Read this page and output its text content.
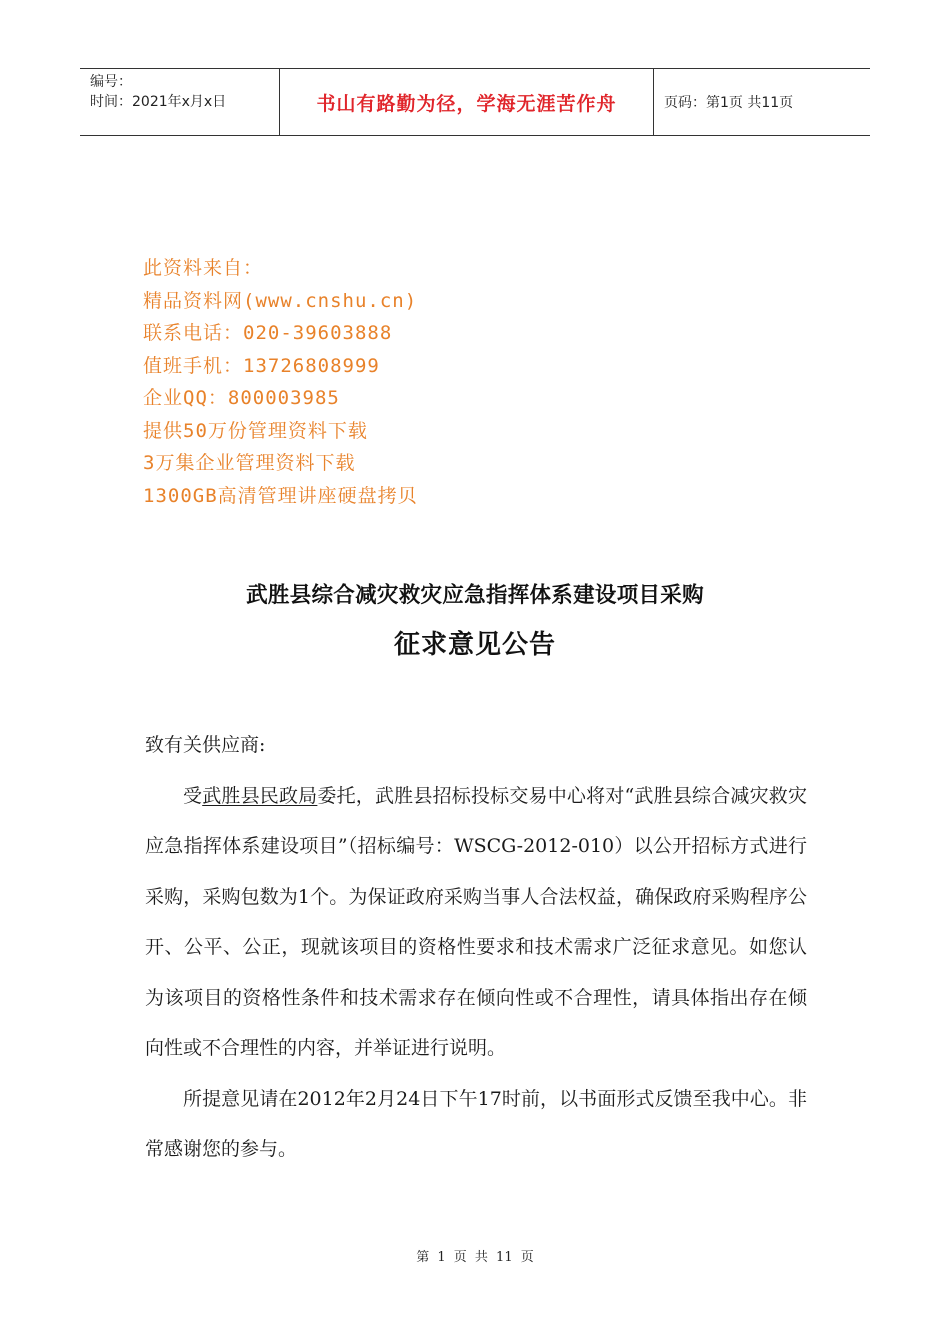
编号：
时间：2021年x月x日	书山有路勤为径，学海无涯苦作舟	页码：第1页 共11页
此资料来自：
精品资料网(www.cnshu.cn)
联系电话：020-39603888
值班手机：13726808999
企业QQ：800003985
提供50万份管理资料下载
3万集企业管理资料下载
1300GB高清管理讲座硬盘拷贝
武胜县综合减灾救灾应急指挥体系建设项目采购
征求意见公告

致有关供应商:

受武胜县民政局委托，武胜县招标投标交易中心将对“武胜县综合减灾救灾应急指挥体系建设项目”（招标编号：WSCG-2012-010）以公开招标方式进行采购，采购包数为1个。为保证政府采购当事人合法权益，确保政府采购程序公开、公平、公正，现就该项目的资格性要求和技术需求广泛征求意见。如您认为该项目的资格性条件和技术需求存在倾向性或不合理性，请具体指出存在倾向性或不合理性的内容，并举证进行说明。

所提意见请在2012年2月24日下午17时前，以书面形式反馈至我中心。非常感谢您的参与。

第 1 页 共 11 页
